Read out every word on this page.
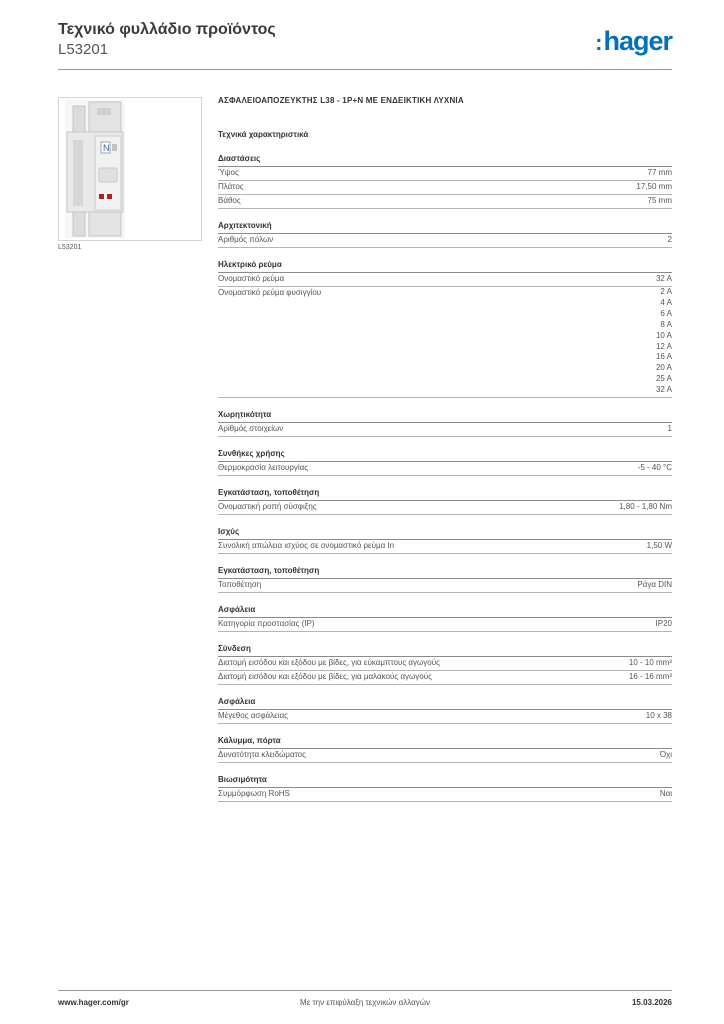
Τεχνικό φυλλάδιο προϊόντος
L53201	:hager
N
L53201
ΑΣΦΑΛΕΙΟΑΠΟΖΕΥΚΤΗΣ L38 - 1P+N ΜΕ ΕΝΔΕΙΚΤΙΚΗ ΛΥΧΝΙΑ
Τεχνικά χαρακτηριστικά
Διαστάσεις
Ύψος	77 mm
Πλάτος	17,50 mm
Βάθος	75 mm
Αρχιτεκτονική
Αριθμός πόλων	2
Ηλεκτρικό ρεύμα
Ονομαστικό ρεύμα	32 A
Ονομαστικό ρεύμα φυσιγγίου	2 A
4 A
6 A
8 A
10 A
12 A
16 A
20 A
25 A
32 A
Χωρητικότητα
Αριθμός στοιχείων	1
Συνθήκες χρήσης
Θερμοκρασία λειτουργίας	-5 - 40 °C
Εγκατάσταση, τοποθέτηση
Ονομαστική ροπή σύσφιξης	1,80 - 1,80 Nm
Ισχύς
Συνολική απώλεια ισχύος σε ονομαστικό ρεύμα In	1,50 W
Εγκατάσταση, τοποθέτηση
Τοποθέτηση	Ράγα DIN
Ασφάλεια
Κατηγορία προστασίας (IP)	IP20
Σύνδεση
Διατομή εισόδου και εξόδου με βίδες, για εύκαμπτους αγωγούς	10 - 10 mm²
Διατομή εισόδου και εξόδου με βίδες, για μαλακούς αγωγούς	16 - 16 mm²
Ασφάλεια
Μέγεθος ασφάλειας	10 x 38
Κάλυμμα, πόρτα
Δυνατότητα κλειδώματος	Όχι
Βιωσιμότητα
Συμμόρφωση RoHS	Ναι
www.hager.com/gr	Με την επιφύλαξη τεχνικών αλλαγών	15.03.2026
